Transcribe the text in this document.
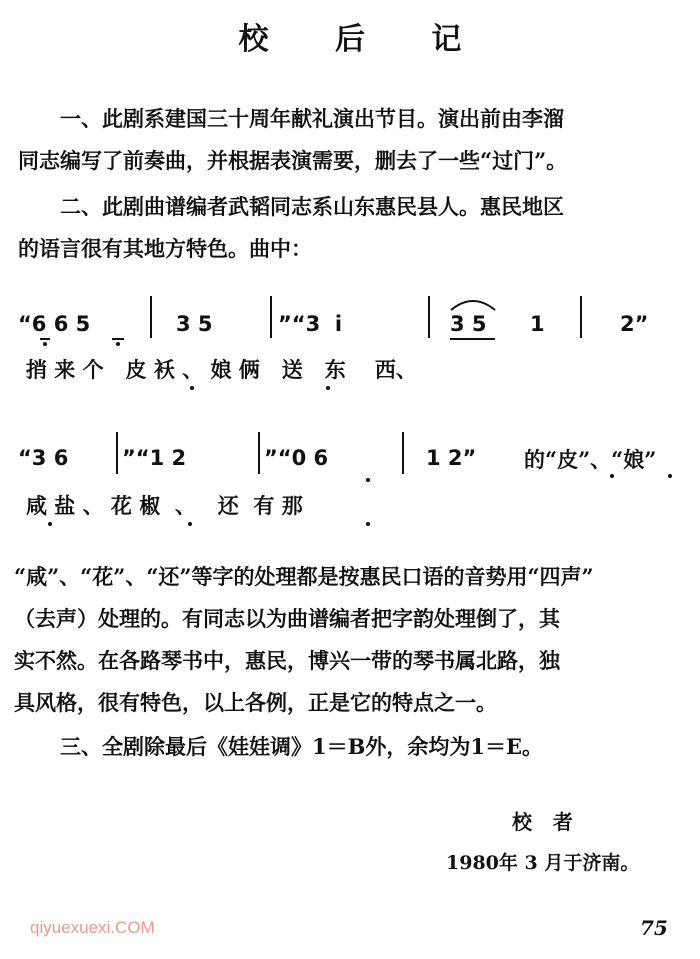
校 后 记
一、此剧系建国三十周年献礼演出节目。演出前由李溜
同志编写了前奏曲，并根据表演需要，删去了一些“过门”。
二、此剧曲谱编者武韬同志系山东惠民县人。惠民地区
的语言很有其地方特色。曲中：
“6 6 5	3 5	”“3  i	3 5 1	2”
捎 来 个   皮 袄 、 娘 俩   送   东    西、
“3 6	”“1 2	”“0 6	1 2” 的“皮”、“娘”
咸 盐 、 花 椒  、   还  有 那
“咸”、“花”、“还”等字的处理都是按惠民口语的音势用“四声”
（去声）处理的。有同志以为曲谱编者把字韵处理倒了，其
实不然。在各路琴书中，惠民，博兴一带的琴书属北路，独
具风格，很有特色，以上各例，正是它的特点之一。
三、全剧除最后《娃娃调》1＝B外，余均为1＝E。
校   者
1980年 3 月于济南。
qiyuexuexi.COM	75
